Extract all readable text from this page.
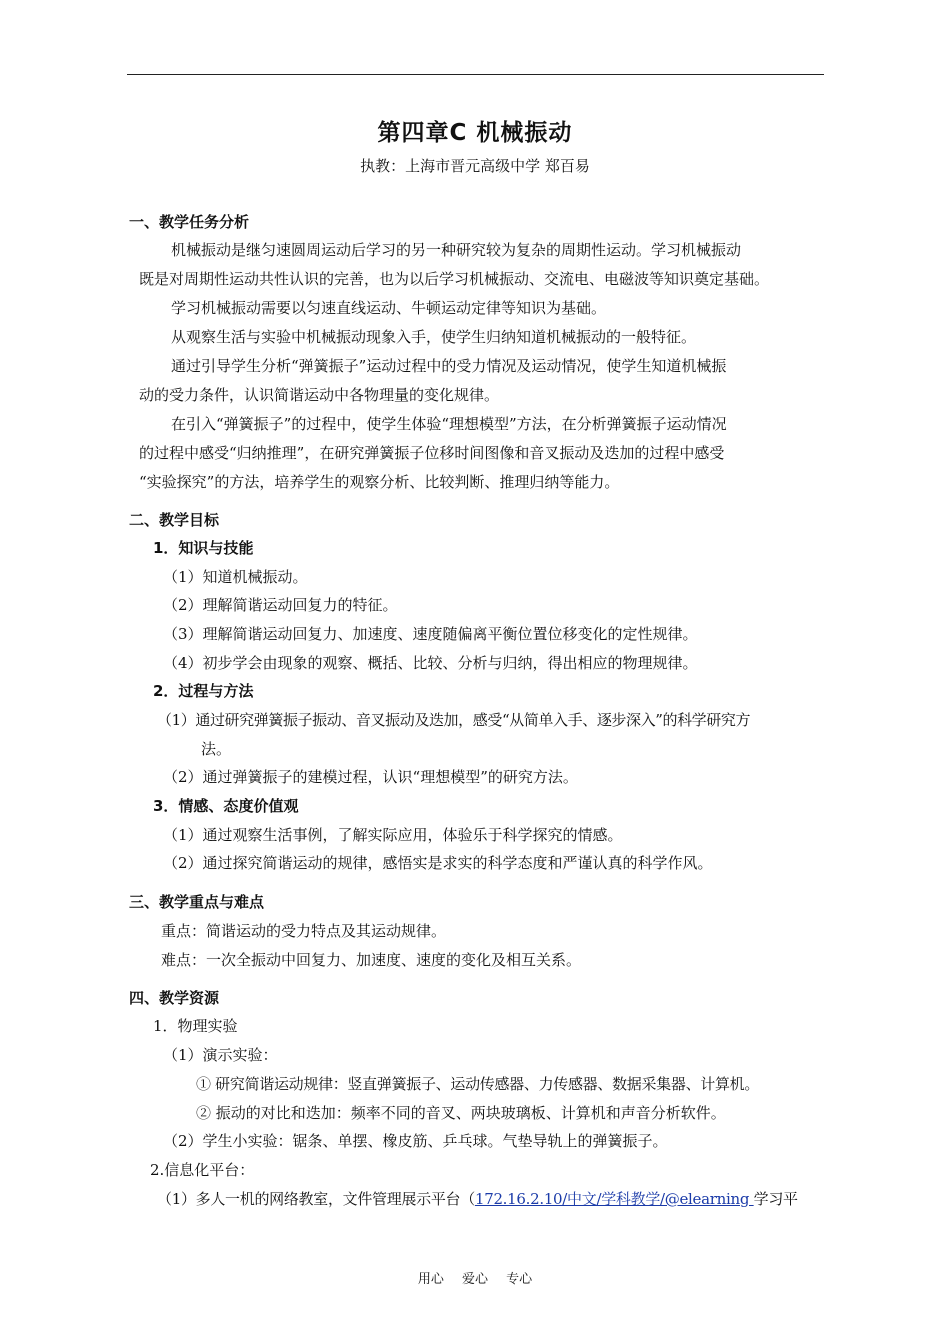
第四章C 机械振动
执教：上海市晋元高级中学 郑百易
一、教学任务分析
机械振动是继匀速圆周运动后学习的另一种研究较为复杂的周期性运动。学习机械振动
既是对周期性运动共性认识的完善，也为以后学习机械振动、交流电、电磁波等知识奠定基础。
学习机械振动需要以匀速直线运动、牛顿运动定律等知识为基础。
从观察生活与实验中机械振动现象入手，使学生归纳知道机械振动的一般特征。
通过引导学生分析“弹簧振子”运动过程中的受力情况及运动情况，使学生知道机械振
动的受力条件，认识简谐运动中各物理量的变化规律。
在引入“弹簧振子”的过程中，使学生体验“理想模型”方法，在分析弹簧振子运动情况
的过程中感受“归纳推理”，在研究弹簧振子位移时间图像和音叉振动及迭加的过程中感受
“实验探究”的方法，培养学生的观察分析、比较判断、推理归纳等能力。
二、教学目标
1．知识与技能
（1）知道机械振动。
（2）理解简谐运动回复力的特征。
（3）理解简谐运动回复力、加速度、速度随偏离平衡位置位移变化的定性规律。
（4）初步学会由现象的观察、概括、比较、分析与归纳，得出相应的物理规律。
2．过程与方法
（1）通过研究弹簧振子振动、音叉振动及迭加，感受“从简单入手、逐步深入”的科学研究方
法。
（2）通过弹簧振子的建模过程，认识“理想模型”的研究方法。
3．情感、态度价值观
（1）通过观察生活事例，了解实际应用，体验乐于科学探究的情感。
（2）通过探究简谐运动的规律，感悟实是求实的科学态度和严谨认真的科学作风。
三、教学重点与难点
重点：简谐运动的受力特点及其运动规律。
难点：一次全振动中回复力、加速度、速度的变化及相互关系。
四、教学资源
1．物理实验
（1）演示实验：
① 研究简谐运动规律：竖直弹簧振子、运动传感器、力传感器、数据采集器、计算机。
② 振动的对比和迭加：频率不同的音叉、两块玻璃板、计算机和声音分析软件。
（2）学生小实验：锯条、单摆、橡皮筋、乒乓球。气垫导轨上的弹簧振子。
2.信息化平台：
（1）多人一机的网络教室，文件管理展示平台（172.16.2.10/中文/学科教学/@elearning 学习平
用心 爱心 专心
